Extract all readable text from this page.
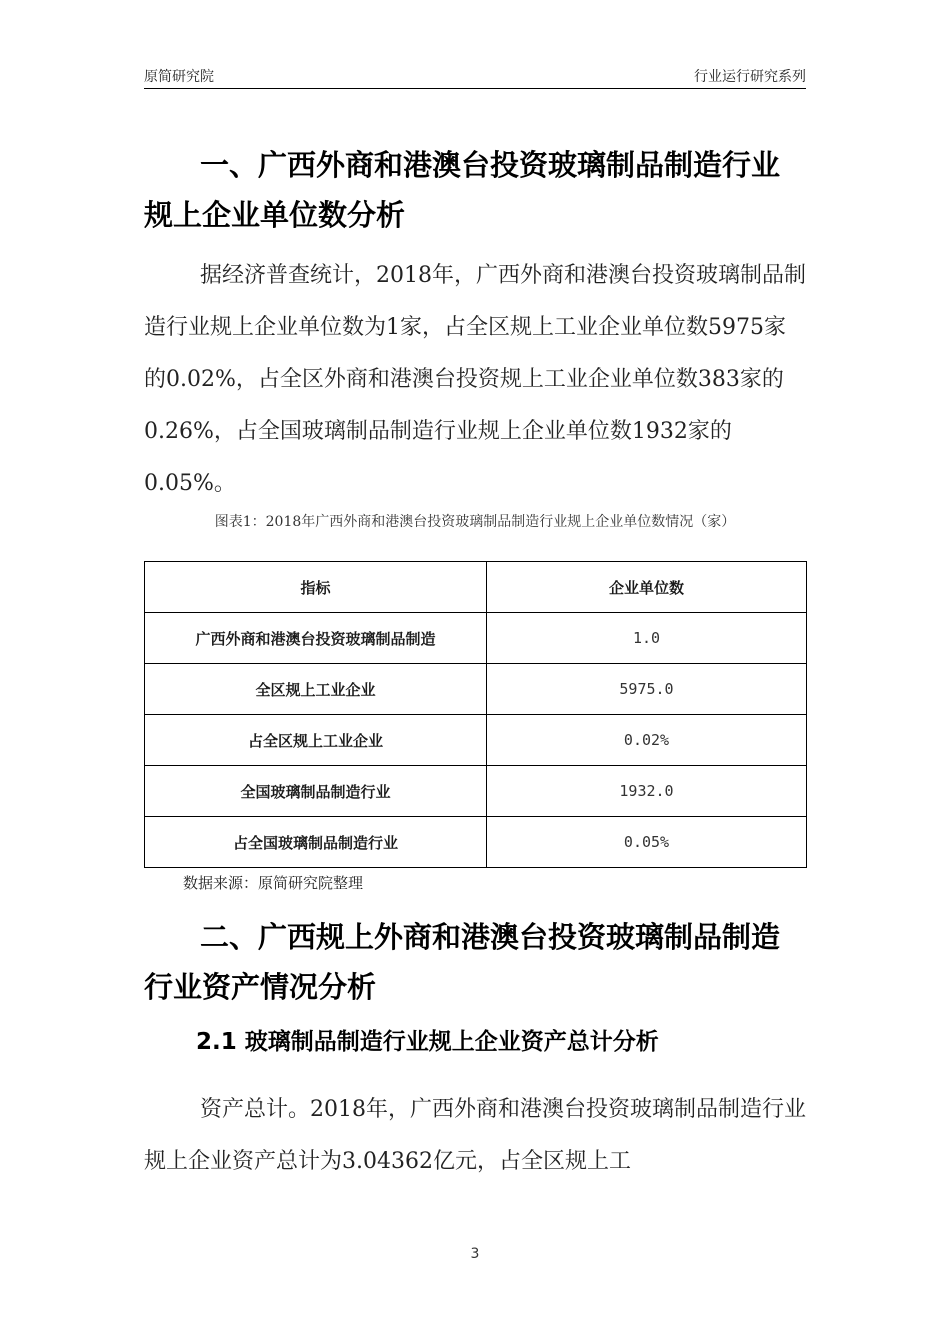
原简研究院	行业运行研究系列
一、广西外商和港澳台投资玻璃制品制造行业规上企业单位数分析
据经济普查统计，2018年，广西外商和港澳台投资玻璃制品制造行业规上企业单位数为1家，占全区规上工业企业单位数5975家的0.02%，占全区外商和港澳台投资规上工业企业单位数383家的0.26%，占全国玻璃制品制造行业规上企业单位数1932家的0.05%。
图表1：2018年广西外商和港澳台投资玻璃制品制造行业规上企业单位数情况（家）
指标	企业单位数
广西外商和港澳台投资玻璃制品制造	1.0
全区规上工业企业	5975.0
占全区规上工业企业	0.02%
全国玻璃制品制造行业	1932.0
占全国玻璃制品制造行业	0.05%
数据来源：原简研究院整理
二、广西规上外商和港澳台投资玻璃制品制造行业资产情况分析
2.1 玻璃制品制造行业规上企业资产总计分析
资产总计。2018年，广西外商和港澳台投资玻璃制品制造行业规上企业资产总计为3.04362亿元，占全区规上工
3
